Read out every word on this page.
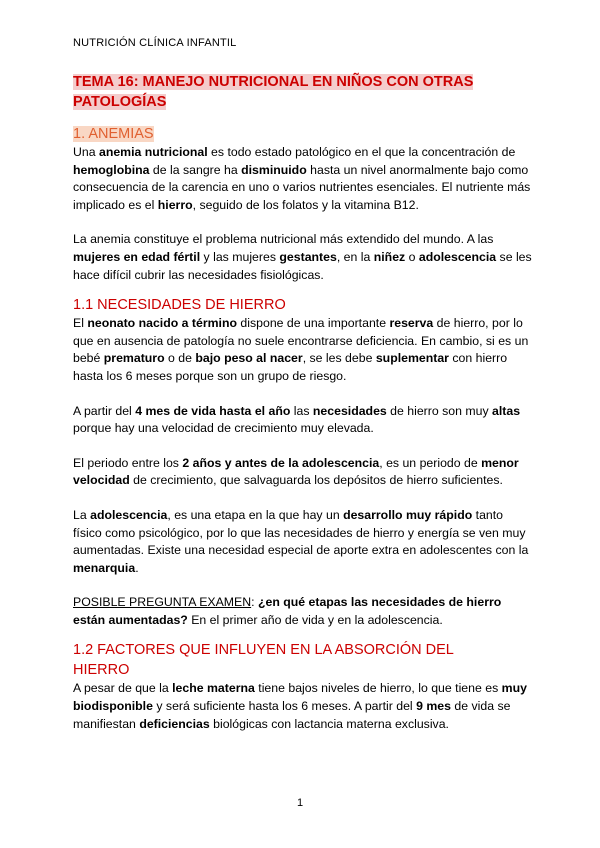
NUTRICIÓN CLÍNICA INFANTIL
TEMA 16: MANEJO NUTRICIONAL EN NIÑOS CON OTRAS
PATOLOGÍAS
1. ANEMIAS

Una anemia nutricional es todo estado patológico en el que la concentración de hemoglobina de la sangre ha disminuido hasta un nivel anormalmente bajo como consecuencia de la carencia en uno o varios nutrientes esenciales. El nutriente más implicado es el hierro, seguido de los folatos y la vitamina B12.

La anemia constituye el problema nutricional más extendido del mundo. A las mujeres en edad fértil y las mujeres gestantes, en la niñez o adolescencia se les hace difícil cubrir las necesidades fisiológicas.

1.1 NECESIDADES DE HIERRO

El neonato nacido a término dispone de una importante reserva de hierro, por lo que en ausencia de patología no suele encontrarse deficiencia. En cambio, si es un bebé prematuro o de bajo peso al nacer, se les debe suplementar con hierro hasta los 6 meses porque son un grupo de riesgo.

A partir del 4 mes de vida hasta el año las necesidades de hierro son muy altas porque hay una velocidad de crecimiento muy elevada.

El periodo entre los 2 años y antes de la adolescencia, es un periodo de menor velocidad de crecimiento, que salvaguarda los depósitos de hierro suficientes.

La adolescencia, es una etapa en la que hay un desarrollo muy rápido tanto físico como psicológico, por lo que las necesidades de hierro y energía se ven muy aumentadas. Existe una necesidad especial de aporte extra en adolescentes con la menarquia.

POSIBLE PREGUNTA EXAMEN: ¿en qué etapas las necesidades de hierro están aumentadas? En el primer año de vida y en la adolescencia.

1.2 FACTORES QUE INFLUYEN EN LA ABSORCIÓN DEL
HIERRO

A pesar de que la leche materna tiene bajos niveles de hierro, lo que tiene es muy biodisponible y será suficiente hasta los 6 meses. A partir del 9 mes de vida se manifiestan deficiencias biológicas con lactancia materna exclusiva.

1
